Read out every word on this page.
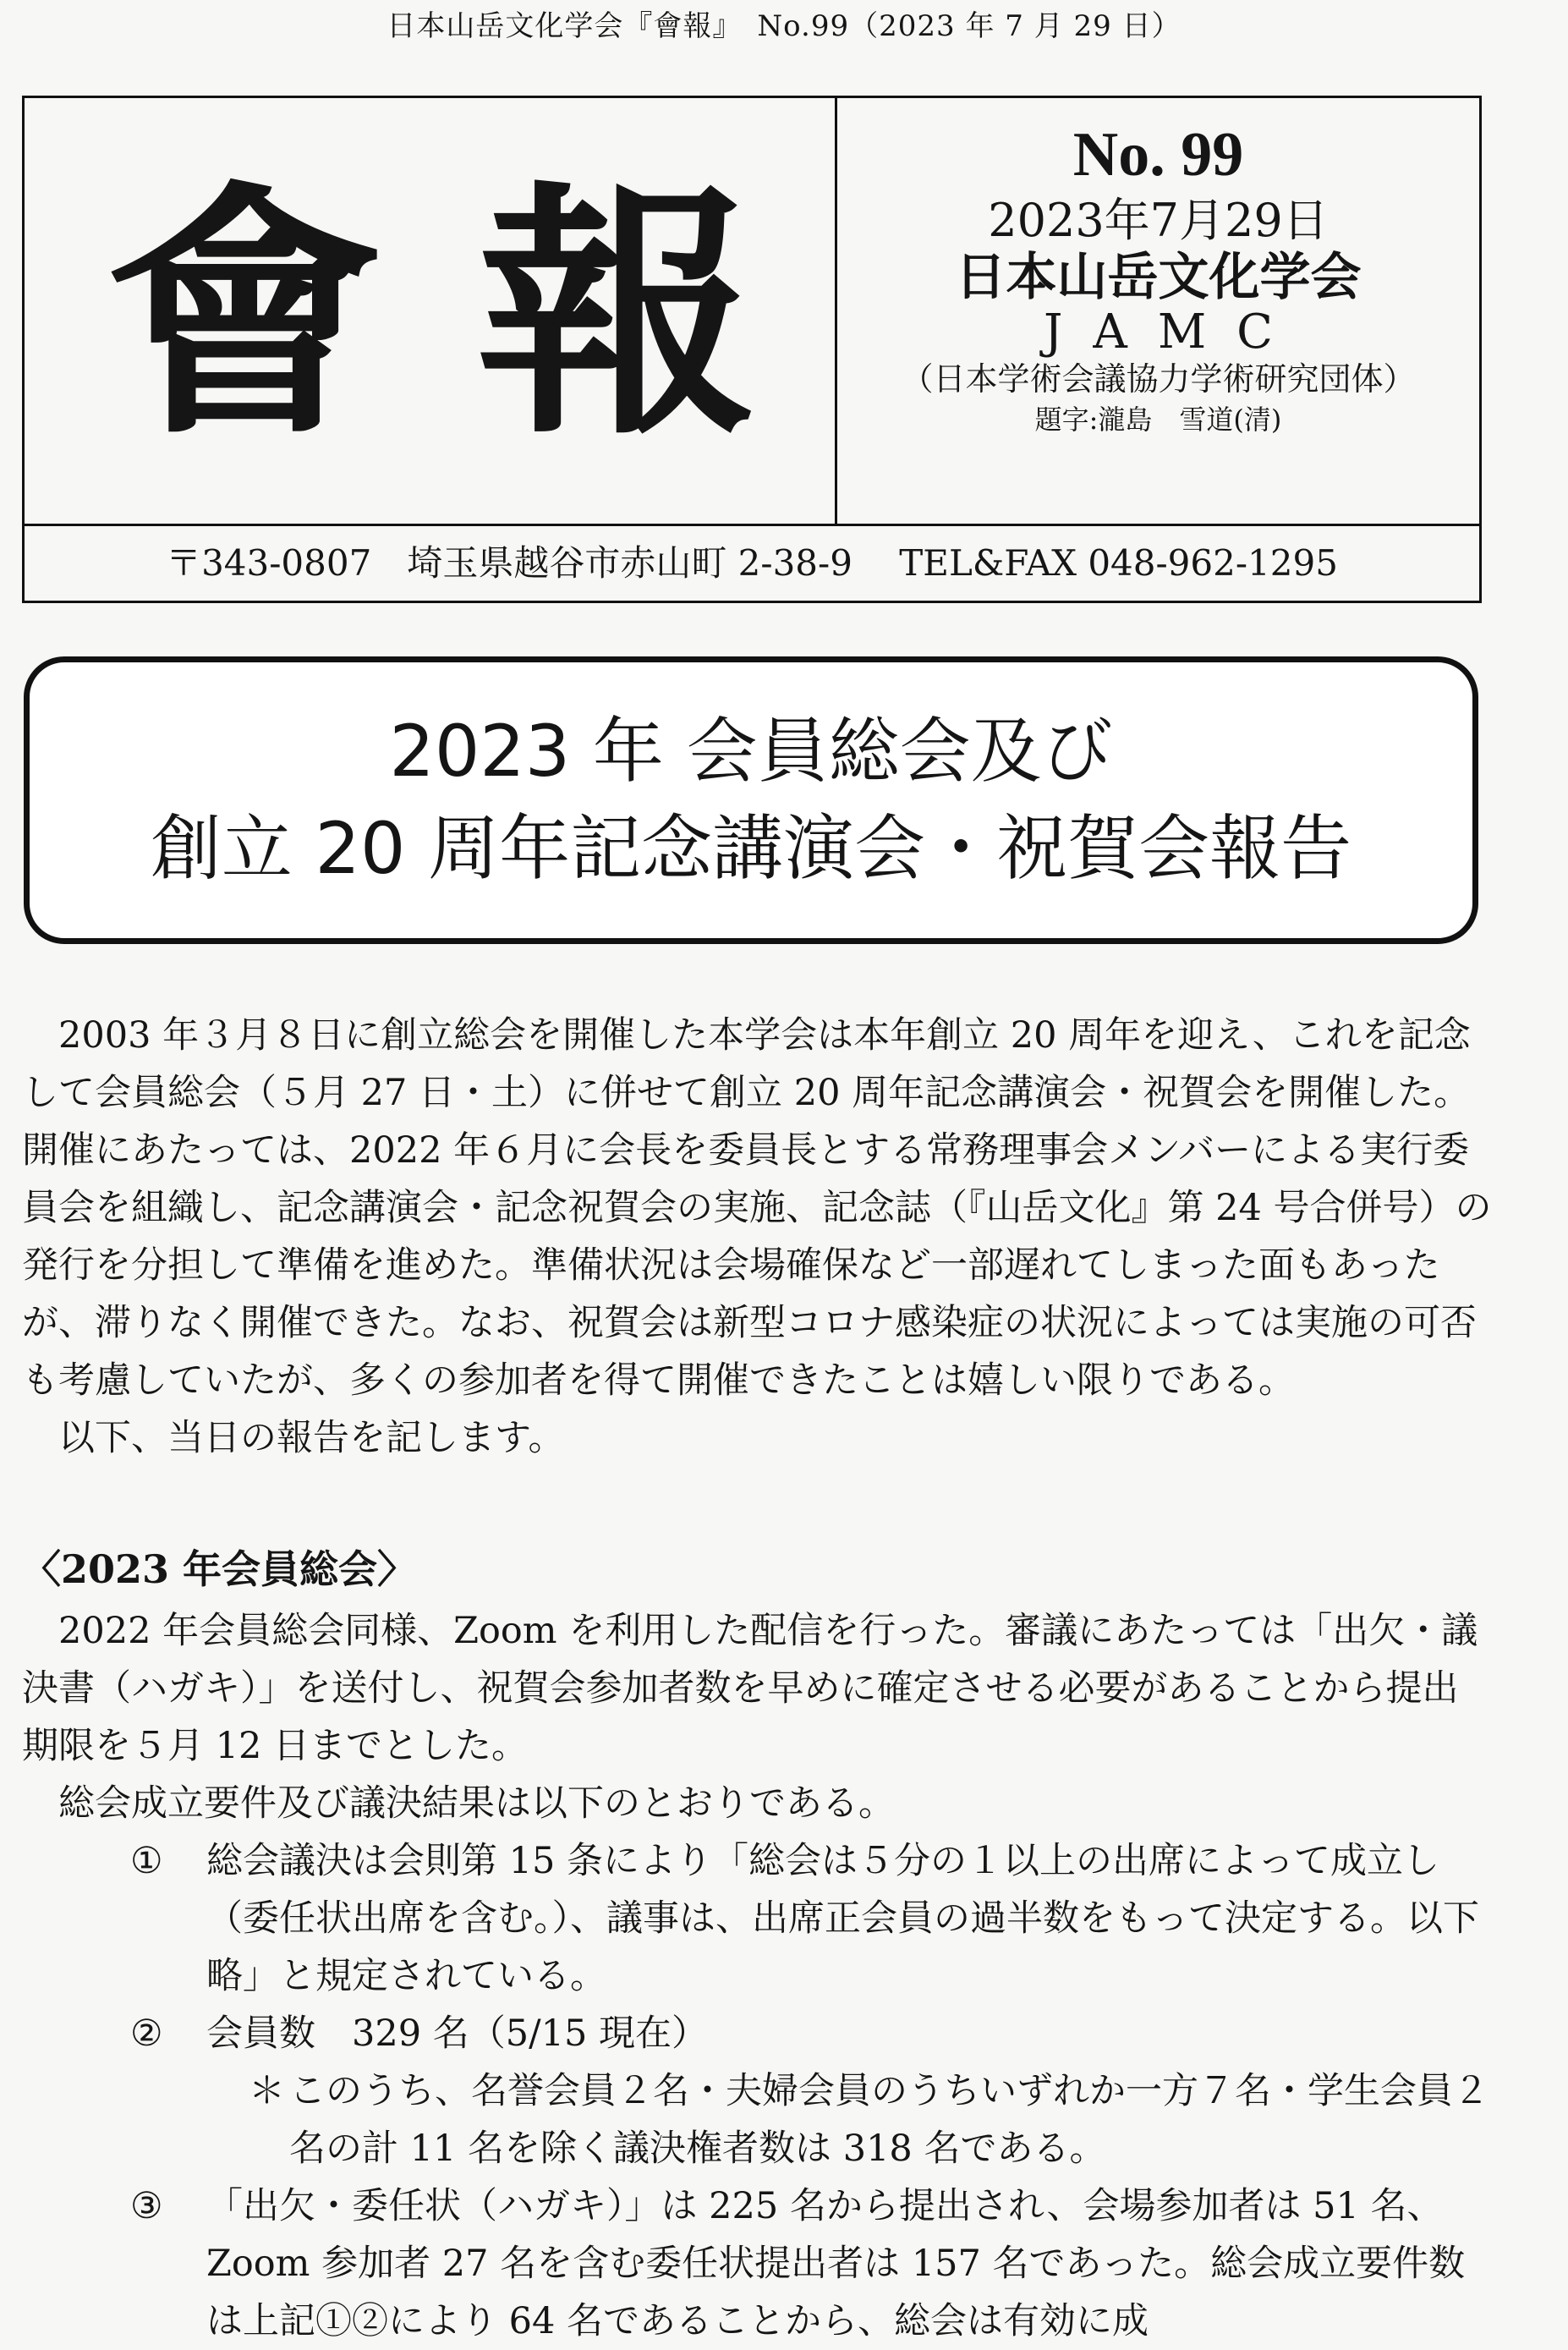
日本山岳文化学会『會報』　No.99（2023 年 7 月 29 日）
會 報
No. 99
2023年7月29日
日本山岳文化学会
JAMC
（日本学術会議協力学術研究団体）
題字:瀧島　雪道(清)
〒343-0807　埼玉県越谷市赤山町 2-38-9　 TEL&FAX 048-962-1295
2023 年 会員総会及び
創立 20 周年記念講演会・祝賀会報告

2003 年３月８日に創立総会を開催した本学会は本年創立 20 周年を迎え、これを記念して会員総会（５月 27 日・土）に併せて創立 20 周年記念講演会・祝賀会を開催した。開催にあたっては、2022 年６月に会長を委員長とする常務理事会メンバーによる実行委員会を組織し、記念講演会・記念祝賀会の実施、記念誌（『山岳文化』第 24 号合併号）の発行を分担して準備を進めた。準備状況は会場確保など一部遅れてしまった面もあったが、滞りなく開催できた。なお、祝賀会は新型コロナ感染症の状況によっては実施の可否も考慮していたが、多くの参加者を得て開催できたことは嬉しい限りである。

以下、当日の報告を記します。

〈2023 年会員総会〉

2022 年会員総会同様、Zoom を利用した配信を行った。審議にあたっては「出欠・議決書（ハガキ）」を送付し、祝賀会参加者数を早めに確定させる必要があることから提出期限を５月 12 日までとした。

総会成立要件及び議決結果は以下のとおりである。

①	総会議決は会則第 15 条により「総会は５分の１以上の出席によって成立し（委任状出席を含む。）、議事は、出席正会員の過半数をもって決定する。以下略」と規定されている。
②	会員数　329 名（5/15 現在）
＊ このうち、名誉会員２名・夫婦会員のうちいずれか一方７名・学生会員２名の計 11 名を除く議決権者数は 318 名である。
③	「出欠・委任状（ハガキ）」は 225 名から提出され、会場参加者は 51 名、Zoom 参加者 27 名を含む委任状提出者は 157 名であった。総会成立要件数は上記①②により 64 名であることから、総会は有効に成
